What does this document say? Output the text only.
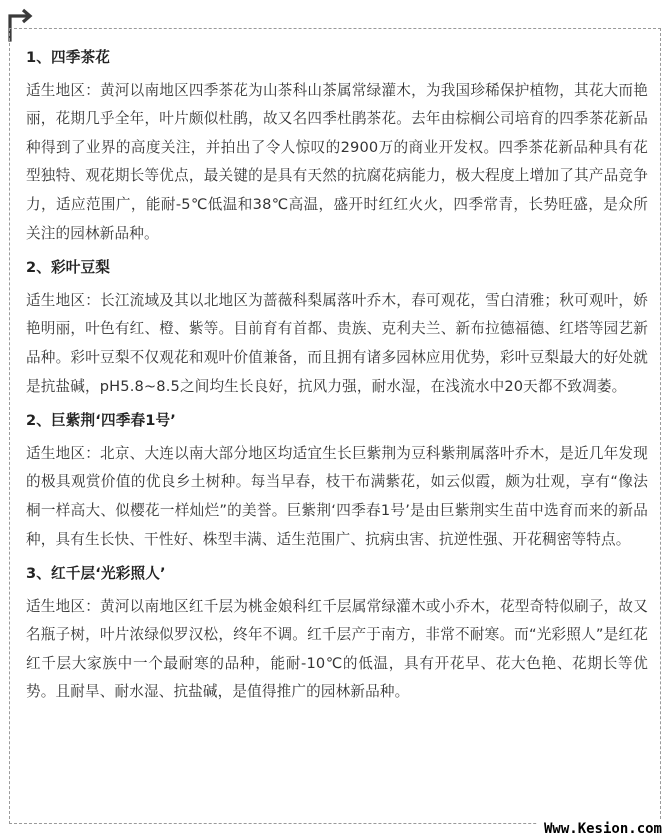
1、四季茶花

适生地区：黄河以南地区四季茶花为山茶科山茶属常绿灌木，为我国珍稀保护植物，其花大而艳丽，花期几乎全年，叶片颇似杜鹃，故又名四季杜鹃茶花。去年由棕榈公司培育的四季茶花新品种得到了业界的高度关注，并拍出了令人惊叹的2900万的商业开发权。四季茶花新品种具有花型独特、观花期长等优点，最关键的是具有天然的抗腐花病能力，极大程度上增加了其产品竞争力，适应范围广，能耐-5℃低温和38℃高温，盛开时红红火火，四季常青，长势旺盛，是众所关注的园林新品种。

2、彩叶豆梨

适生地区：长江流域及其以北地区为蔷薇科梨属落叶乔木，春可观花，雪白清雅；秋可观叶，娇艳明丽，叶色有红、橙、紫等。目前育有首都、贵族、克利夫兰、新布拉德福德、红塔等园艺新品种。彩叶豆梨不仅观花和观叶价值兼备，而且拥有诸多园林应用优势，彩叶豆梨最大的好处就是抗盐碱，pH5.8~8.5之间均生长良好，抗风力强，耐水湿，在浅流水中20天都不致凋萎。

2、巨紫荆‘四季春1号’

适生地区：北京、大连以南大部分地区均适宜生长巨紫荆为豆科紫荆属落叶乔木，是近几年发现的极具观赏价值的优良乡土树种。每当早春，枝干布满紫花，如云似霞，颇为壮观，享有“像法桐一样高大、似樱花一样灿烂”的美誉。巨紫荆‘四季春1号’是由巨紫荆实生苗中选育而来的新品种，具有生长快、干性好、株型丰满、适生范围广、抗病虫害、抗逆性强、开花稠密等特点。

3、红千层‘光彩照人’

适生地区：黄河以南地区红千层为桃金娘科红千层属常绿灌木或小乔木，花型奇特似刷子，故又名瓶子树，叶片浓绿似罗汉松，终年不调。红千层产于南方，非常不耐寒。而“光彩照人”是红花红千层大家族中一个最耐寒的品种，能耐-10℃的低温，具有开花早、花大色艳、花期长等优势。且耐旱、耐水湿、抗盐碱，是值得推广的园林新品种。

Www.Kesion.com
